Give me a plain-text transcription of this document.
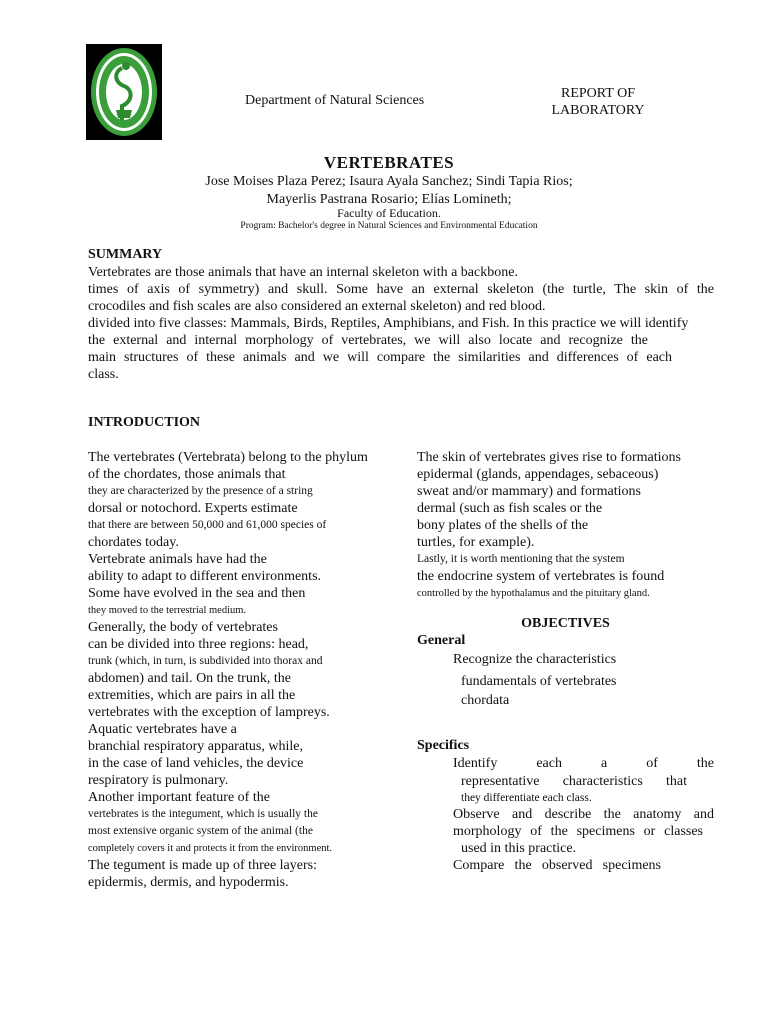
Department of Natural Sciences	REPORT OF
LABORATORY
VERTEBRATES
Jose Moises Plaza Perez; Isaura Ayala Sanchez; Sindi Tapia Rios;
Mayerlis Pastrana Rosario; Elías Lomineth;
Faculty of Education.
Program: Bachelor's degree in Natural Sciences and Environmental Education
SUMMARY
Vertebrates are those animals that have an internal skeleton with a backbone.
times of axis of symmetry) and skull. Some have an external skeleton (the turtle, The skin of the
crocodiles and fish scales are also considered an external skeleton) and red blood.
divided into five classes: Mammals, Birds, Reptiles, Amphibians, and Fish. In this practice we will identify
the external and internal morphology of vertebrates, we will also locate and recognize the
main structures of these animals and we will compare the similarities and differences of each
class.
INTRODUCTION
The vertebrates (Vertebrata) belong to the phylum
of the chordates, those animals that
they are characterized by the presence of a string
dorsal or notochord. Experts estimate
that there are between 50,000 and 61,000 species of
chordates today.
Vertebrate animals have had the
ability to adapt to different environments.
Some have evolved in the sea and then
they moved to the terrestrial medium.
Generally, the body of vertebrates
can be divided into three regions: head,
trunk (which, in turn, is subdivided into thorax and
abdomen) and tail. On the trunk, the
extremities, which are pairs in all the
vertebrates with the exception of lampreys.
Aquatic vertebrates have a
branchial respiratory apparatus, while,
in the case of land vehicles, the device
respiratory is pulmonary.
Another important feature of the
vertebrates is the integument, which is usually the
most extensive organic system of the animal (the
completely covers it and protects it from the environment.
The tegument is made up of three layers:
epidermis, dermis, and hypodermis.
The skin of vertebrates gives rise to formations
epidermal (glands, appendages, sebaceous)
sweat and/or mammary) and formations
dermal (such as fish scales or the
bony plates of the shells of the
turtles, for example).
Lastly, it is worth mentioning that the system
the endocrine system of vertebrates is found
controlled by the hypothalamus and the pituitary gland.
OBJECTIVES
General
Recognize the characteristics
fundamentals of vertebrates
chordata
Specifics
Identify each a of the
representative characteristics that
they differentiate each class.
Observe and describe the anatomy and
morphology of the specimens or classes
used in this practice.
Compare the observed specimens
